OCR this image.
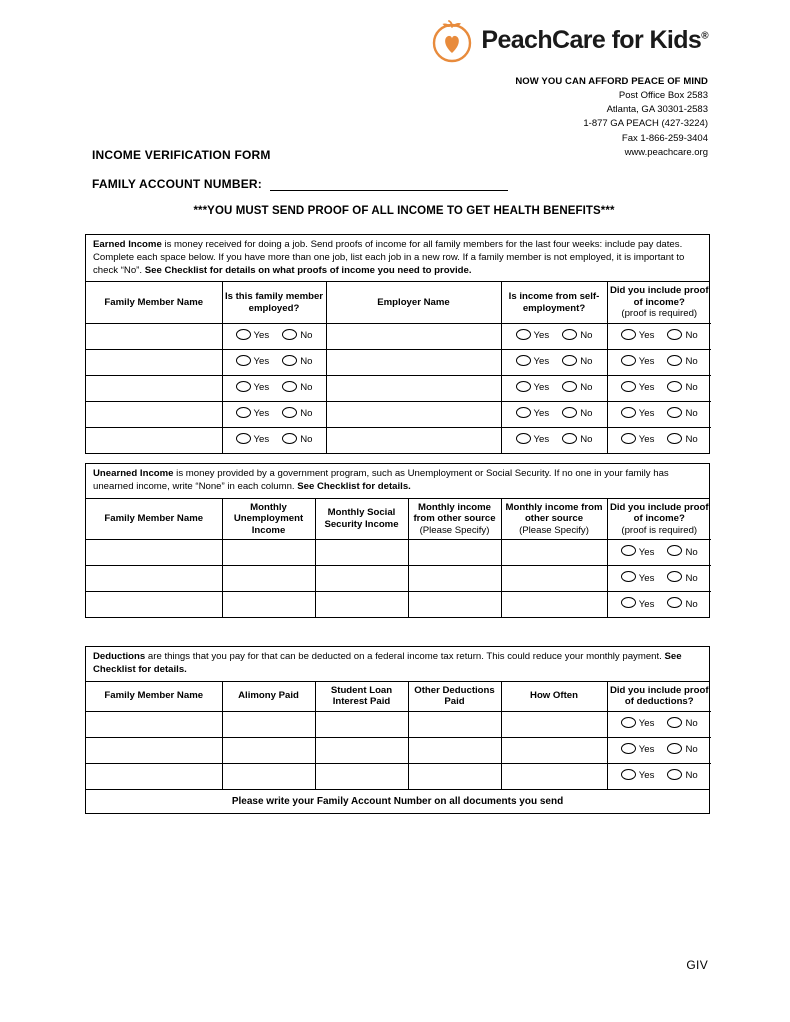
PeachCare for Kids®
NOW YOU CAN AFFORD PEACE OF MIND
Post Office Box 2583
Atlanta, GA 30301-2583
1-877 GA PEACH (427-3224)
Fax 1-866-259-3404
www.peachcare.org
INCOME VERIFICATION FORM
FAMILY ACCOUNT NUMBER:
***YOU MUST SEND PROOF OF ALL INCOME TO GET HEALTH BENEFITS***
Earned Income is money received for doing a job. Send proofs of income for all family members for the last four weeks: include pay dates. Complete each space below. If you have more than one job, list each job in a new row. If a family member is not employed, it is important to check “No”. See Checklist for details on what proofs of income you need to provide.
Family Member Name	Is this family member employed?	Employer Name	Is income from self-employment?	Did you include proof of income?
(proof is required)

	Yes No		Yes No	Yes No

	Yes No		Yes No	Yes No

	Yes No		Yes No	Yes No

	Yes No		Yes No	Yes No

	Yes No		Yes No	Yes No
Unearned Income is money provided by a government program, such as Unemployment or Social Security. If no one in your family has unearned income, write “None” in each column. See Checklist for details.
Family Member Name	Monthly Unemployment Income	Monthly Social Security Income	Monthly income from other source (Please Specify)	Monthly income from other source
(Please Specify)	Did you include proof of income?
(proof is required)

					Yes No

					Yes No

					Yes No
Deductions are things that you pay for that can be deducted on a federal income tax return. This could reduce your monthly payment. See Checklist for details.
Family Member Name	Alimony Paid	Student Loan Interest Paid	Other Deductions Paid	How Often	Did you include proof of deductions?

					Yes No

					Yes No

					Yes No
Please write your Family Account Number on all documents you send
GIV
